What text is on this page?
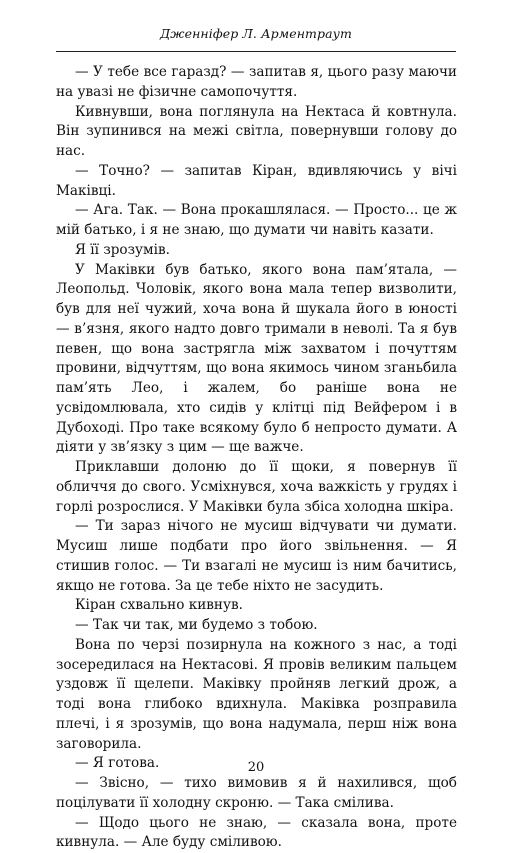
Дженніфер Л. Арментраут

— У тебе все гаразд? — запитав я, цього разу маючи на увазі не фізичне самопочуття.

Кивнувши, вона поглянула на Нектаса й ковтнула. Він зупинився на межі світла, повернувши голову до нас.

— Точно? — запитав Кіран, вдивляючись у вічі Маківці.

— Ага. Так. — Вона прокашлялася. — Просто... це ж мій батько, і я не знаю, що думати чи навіть казати.

Я її зрозумів.

У Маківки був батько, якого вона пам’ятала, — Леопольд. Чоловік, якого вона мала тепер визволити, був для неї чужий, хоча вона й шукала його в юності — в’язня, якого надто довго тримали в неволі. Та я був певен, що вона застрягла між захватом і почуттям провини, відчуттям, що вона якимось чином зганьбила пам’ять Лео, і жалем, бо раніше вона не усвідомлювала, хто сидів у клітці під Вейфером і в Дубоході. Про таке всякому було б непросто думати. А діяти у зв’язку з цим — ще важче.

Приклавши долоню до її щоки, я повернув її обличчя до свого. Усміхнувся, хоча важкість у грудях і горлі розрослися. У Маківки була збіса холодна шкіра.

— Ти зараз нічого не мусиш відчувати чи думати. Мусиш лише подбати про його звільнення. — Я стишив голос. — Ти взагалі не мусиш із ним бачитись, якщо не готова. За це тебе ніхто не засудить.

Кіран схвально кивнув.

— Так чи так, ми будемо з тобою.

Вона по черзі позирнула на кожного з нас, а тоді зосередилася на Нектасові. Я провів великим пальцем уздовж її щелепи. Маківку пройняв легкий дрож, а тоді вона глибоко вдихнула. Маківка розправила плечі, і я зрозумів, що вона надумала, перш ніж вона заговорила.

— Я готова.

— Звісно, — тихо вимовив я й нахилився, щоб поцілувати її холодну скроню. — Така смілива.

— Щодо цього не знаю, — сказала вона, проте кивнула. — Але буду сміливою.

20
